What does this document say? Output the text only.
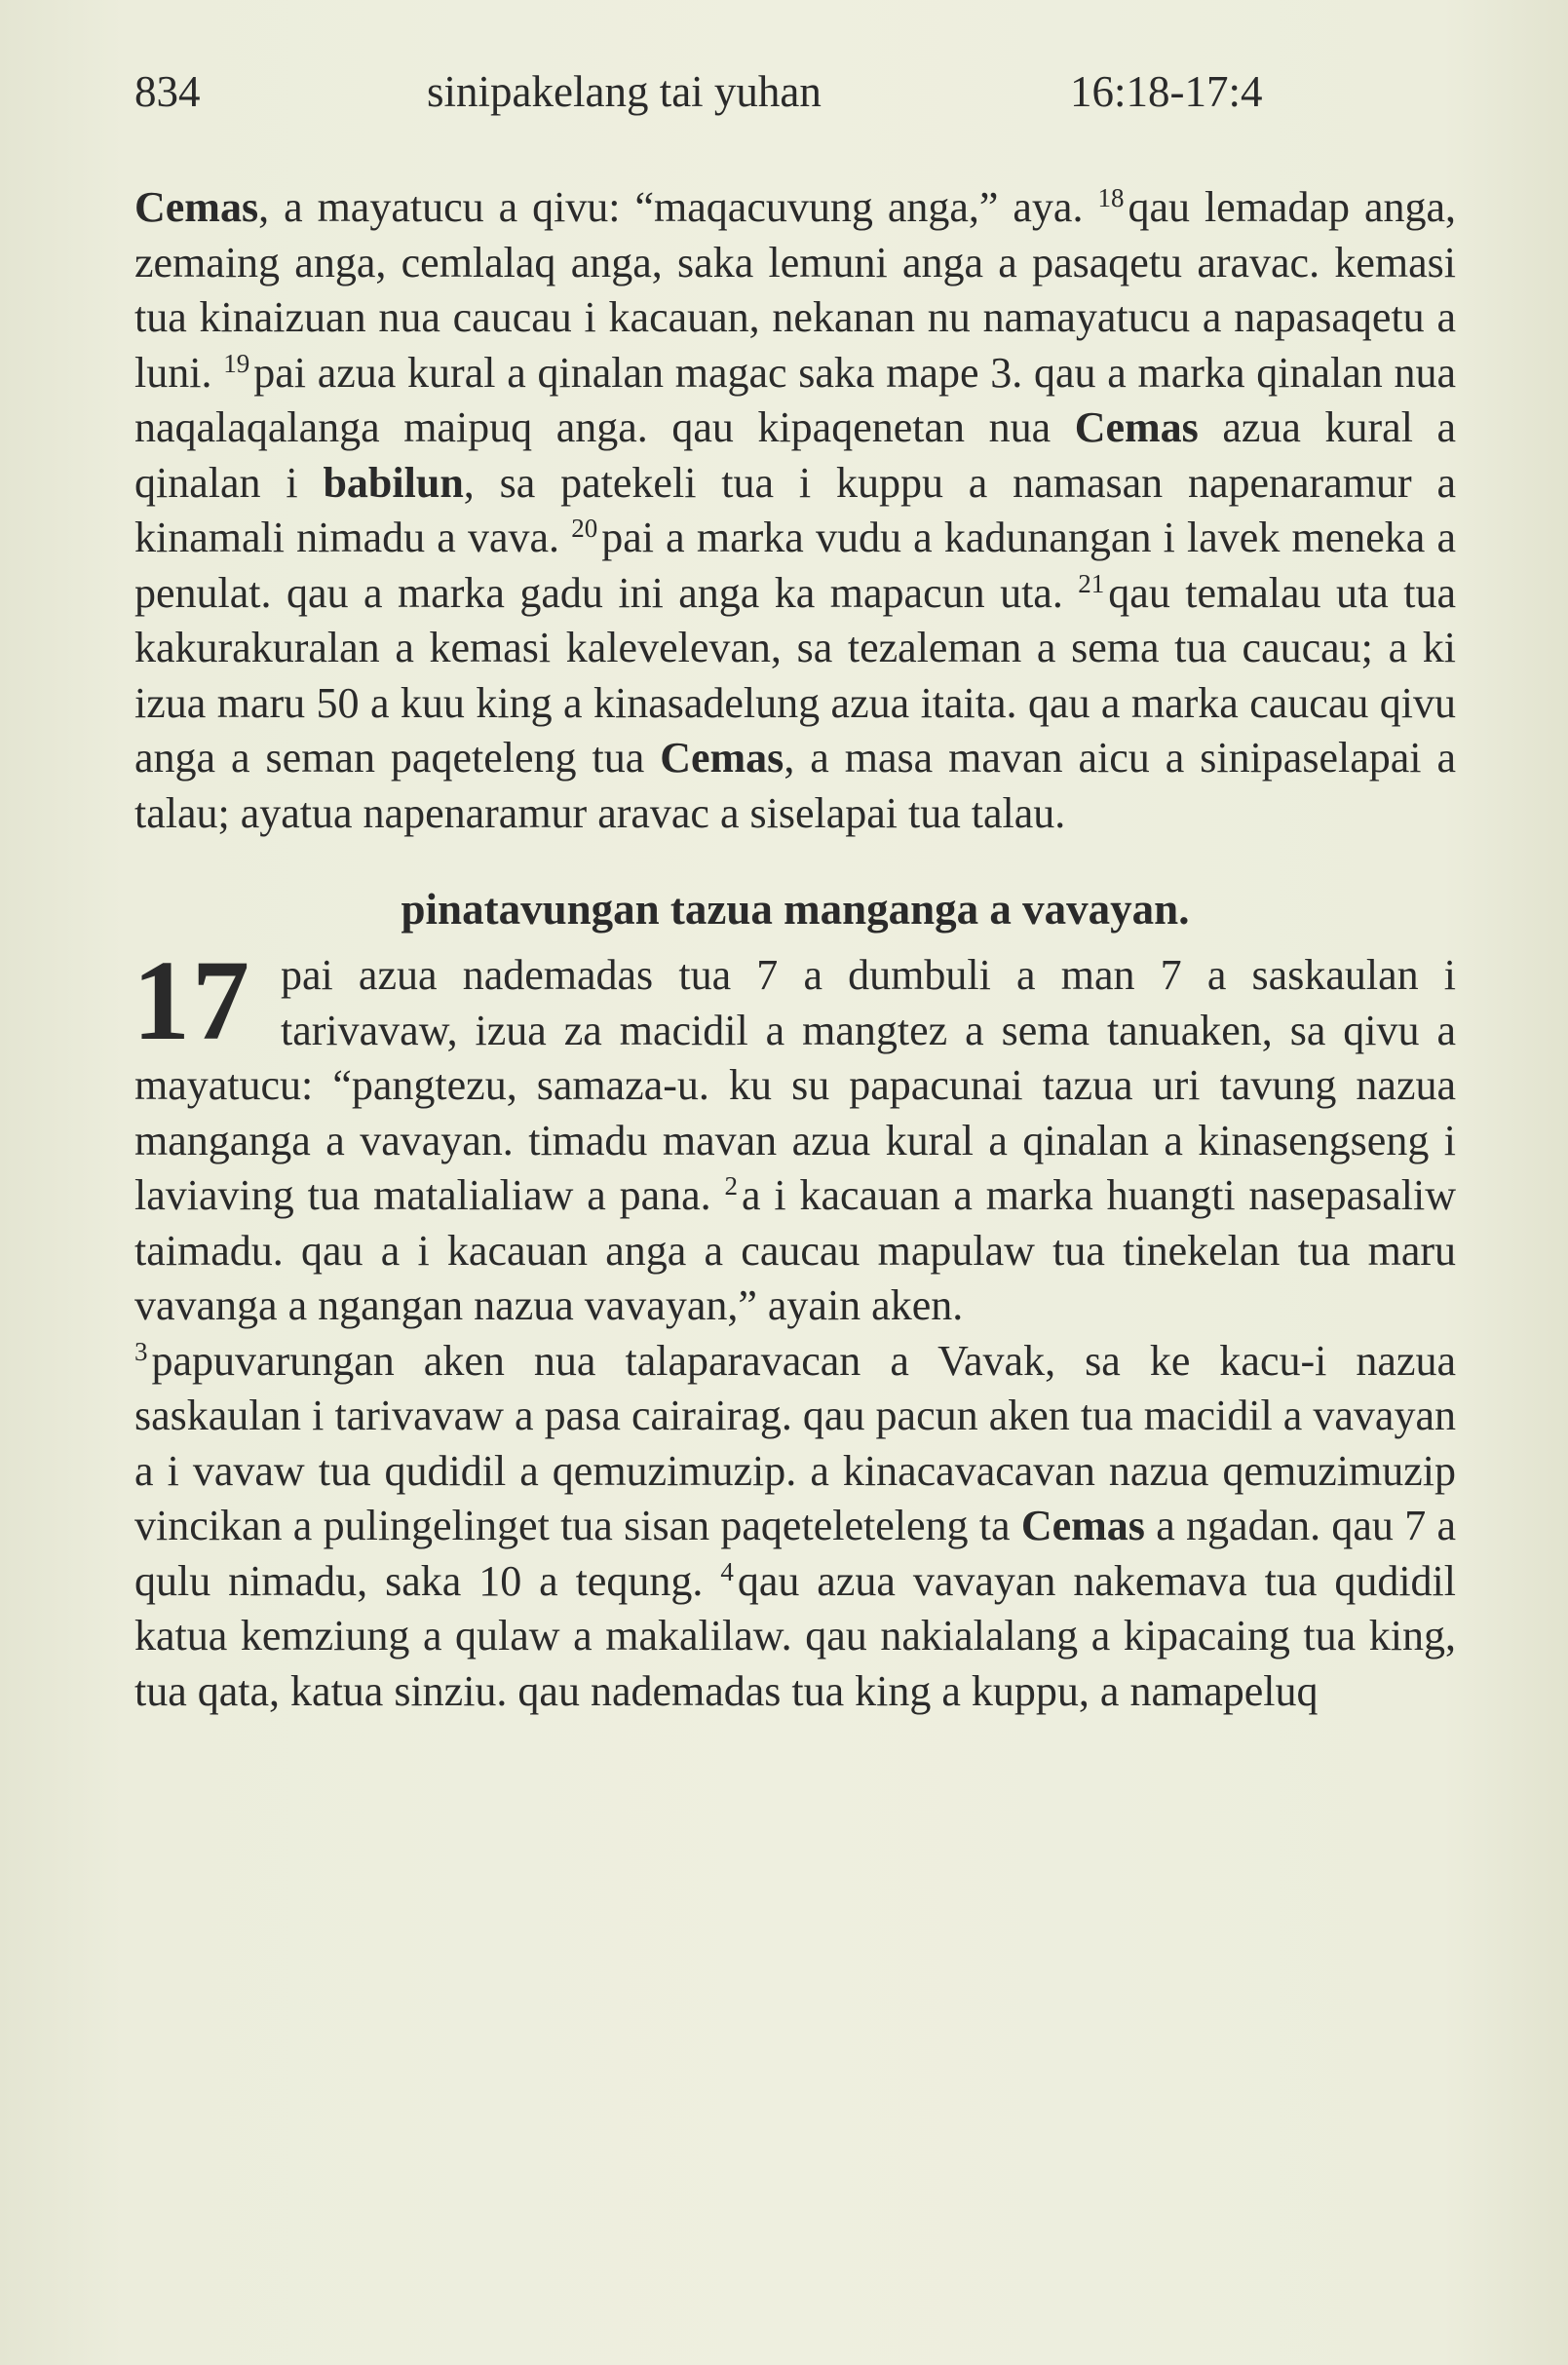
834	sinipakelang tai yuhan	16:18-17:4

Cemas, a mayatucu a qivu: “maqacuvung anga,” aya. $^{18}$qau lemadap anga, zemaing anga, cemlalaq anga, saka lemuni anga a pasaqetu aravac. kemasi tua kinaizuan nua caucau i kacauan, nekanan nu namayatucu a napasaqetu a luni. $^{19}$pai azua kural a qinalan magac saka mape 3. qau a marka qinalan nua naqalaqalanga maipuq anga. qau kipaqenetan nua Cemas azua kural a qinalan i babilun, sa patekeli tua i kuppu a namasan napenaramur a kinamali nimadu a vava. $^{20}$pai a marka vudu a kadunangan i lavek meneka a penulat. qau a marka gadu ini anga ka mapacun uta. $^{21}$qau temalau uta tua kakurakuralan a kemasi kalevelevan, sa tezaleman a sema tua caucau; a ki izua maru 50 a kuu king a kinasadelung azua itaita. qau a marka caucau qivu anga a seman paqeteleng tua Cemas, a masa mavan aicu a sinipaselapai a talau; ayatua napenaramur aravac a siselapai tua talau.

pinatavungan tazua manganga a vavayan.

17 pai azua nademadas tua 7 a dumbuli a man 7 a saskaulan i tarivavaw, izua za macidil a mangtez a sema tanuaken, sa qivu a mayatucu: “pangtezu, samaza-u. ku su papacunai tazua uri tavung nazua manganga a vavayan. timadu mavan azua kural a qinalan a kinasengseng i laviaving tua matalialiaw a pana. $^2$a i kacauan a marka huangti nasepasaliw taimadu. qau a i kacauan anga a caucau mapulaw tua tinekelan tua maru vavanga a ngangan nazua vavayan,” ayain aken.

$^3$papuvarungan aken nua talaparavacan a Vavak, sa ke kacu-i nazua saskaulan i tarivavaw a pasa cairairag. qau pacun aken tua macidil a vavayan a i vavaw tua qudidil a qemuzimuzip. a kinacavacavan nazua qemuzimuzip vincikan a pulingelinget tua sisan paqeteleteleng ta Cemas a ngadan. qau 7 a qulu nimadu, saka 10 a tequng. $^4$qau azua vavayan nakemava tua qudidil katua kemziung a qulaw a makalilaw. qau nakialalang a kipacaing tua king, tua qata, katua sinziu. qau nademadas tua king a kuppu, a namapeluq
